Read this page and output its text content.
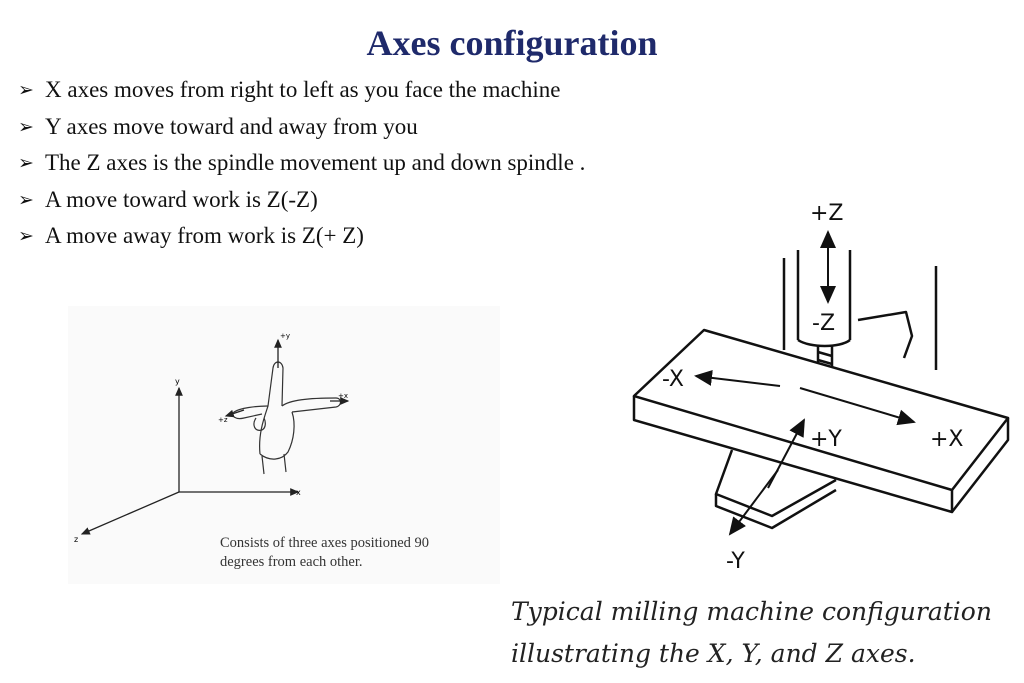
Axes configuration
➢ X axes moves from right to left as you face the machine
➢ Y axes move toward and away from you
➢ The Z axes is the spindle movement up and down spindle .
➢ A move toward work is Z(-Z)
➢ A move away from work is Z(+ Z)
y
x
z
+y
+x
+z
Consists of three axes positioned 90
degrees from each other.
+Z
-Z
-X
+X
+Y
-Y
Typical milling machine configuration
illustrating the X, Y, and Z axes.
